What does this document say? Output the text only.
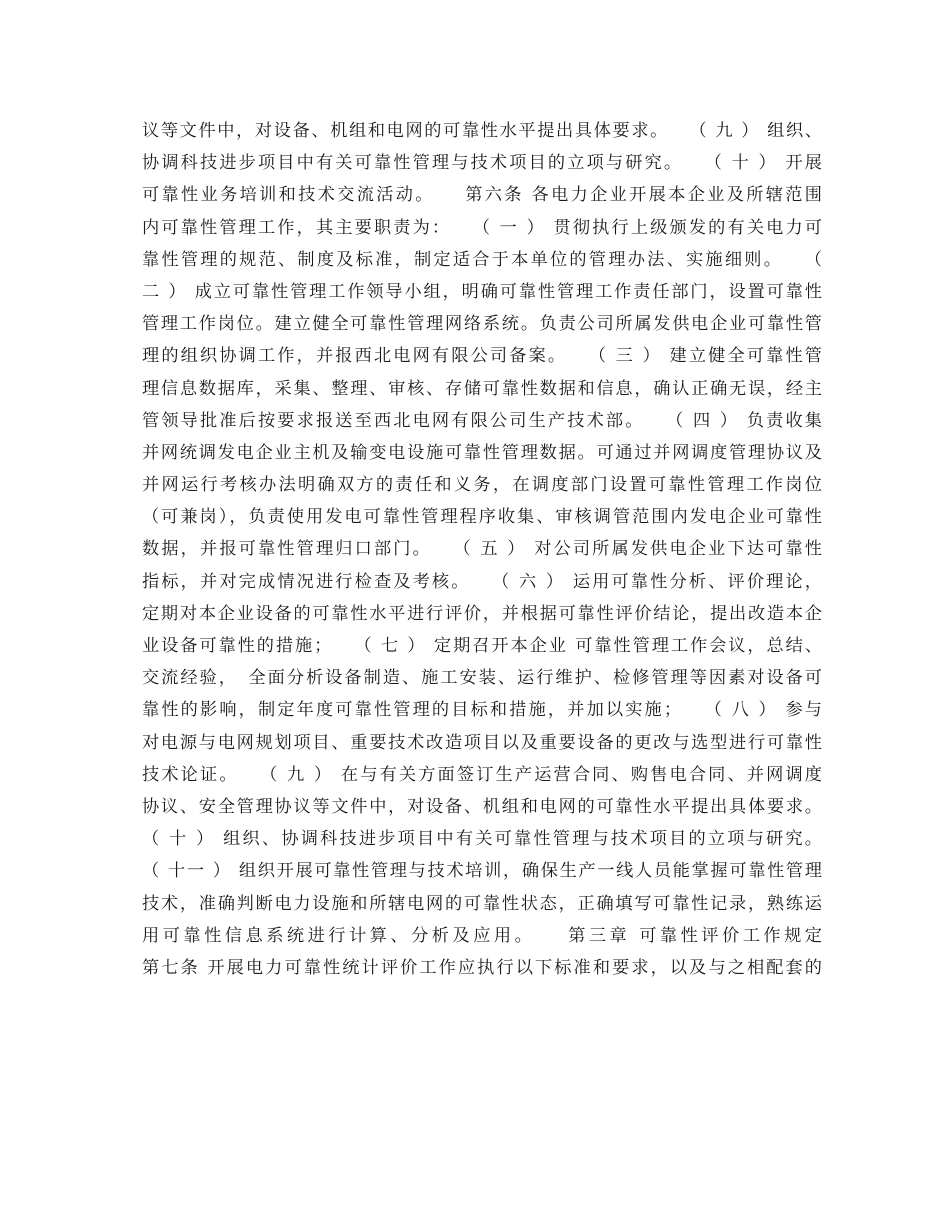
议等文件中，对设备、机组和电网的可靠性水平提出具体要求。　　（ 九 ） 组织、
协调科技进步项目中有关可靠性管理与技术项目的立项与研究。　　（ 十 ） 开展
可靠性业务培训和技术交流活动。　　第六条 各电力企业开展本企业及所辖范围
内可靠性管理工作，其主要职责为：　　（ 一 ） 贯彻执行上级颁发的有关电力可
靠性管理的规范、制度及标准，制定适合于本单位的管理办法、实施细则。　　（
二 ） 成立可靠性管理工作领导小组，明确可靠性管理工作责任部门，设置可靠性
管理工作岗位。建立健全可靠性管理网络系统。负责公司所属发供电企业可靠性管
理的组织协调工作，并报西北电网有限公司备案。　　（ 三 ） 建立健全可靠性管
理信息数据库，采集、整理、审核、存储可靠性数据和信息，确认正确无误，经主
管领导批准后按要求报送至西北电网有限公司生产技术部。　　（ 四 ） 负责收集
并网统调发电企业主机及输变电设施可靠性管理数据。可通过并网调度管理协议及
并网运行考核办法明确双方的责任和义务，在调度部门设置可靠性管理工作岗位
（可兼岗），负责使用发电可靠性管理程序收集、审核调管范围内发电企业可靠性
数据，并报可靠性管理归口部门。　　（ 五 ） 对公司所属发供电企业下达可靠性
指标，并对完成情况进行检查及考核。　　（ 六 ） 运用可靠性分析、评价理论，
定期对本企业设备的可靠性水平进行评价，并根据可靠性评价结论，提出改造本企
业设备可靠性的措施；　　（ 七 ） 定期召开本企业 可靠性管理工作会议，总结、
交流经验，　全面分析设备制造、施工安装、运行维护、检修管理等因素对设备可
靠性的影响，制定年度可靠性管理的目标和措施，并加以实施；　　（ 八 ） 参与
对电源与电网规划项目、重要技术改造项目以及重要设备的更改与选型进行可靠性
技术论证。　　（ 九 ） 在与有关方面签订生产运营合同、购售电合同、并网调度
协议、安全管理协议等文件中，对设备、机组和电网的可靠性水平提出具体要求。
（ 十 ） 组织、协调科技进步项目中有关可靠性管理与技术项目的立项与研究。
（ 十一 ） 组织开展可靠性管理与技术培训，确保生产一线人员能掌握可靠性管理
技术，准确判断电力设施和所辖电网的可靠性状态，正确填写可靠性记录，熟练运
用可靠性信息系统进行计算、分析及应用。　　第三章 可靠性评价工作规定
第七条 开展电力可靠性统计评价工作应执行以下标准和要求，以及与之相配套的
